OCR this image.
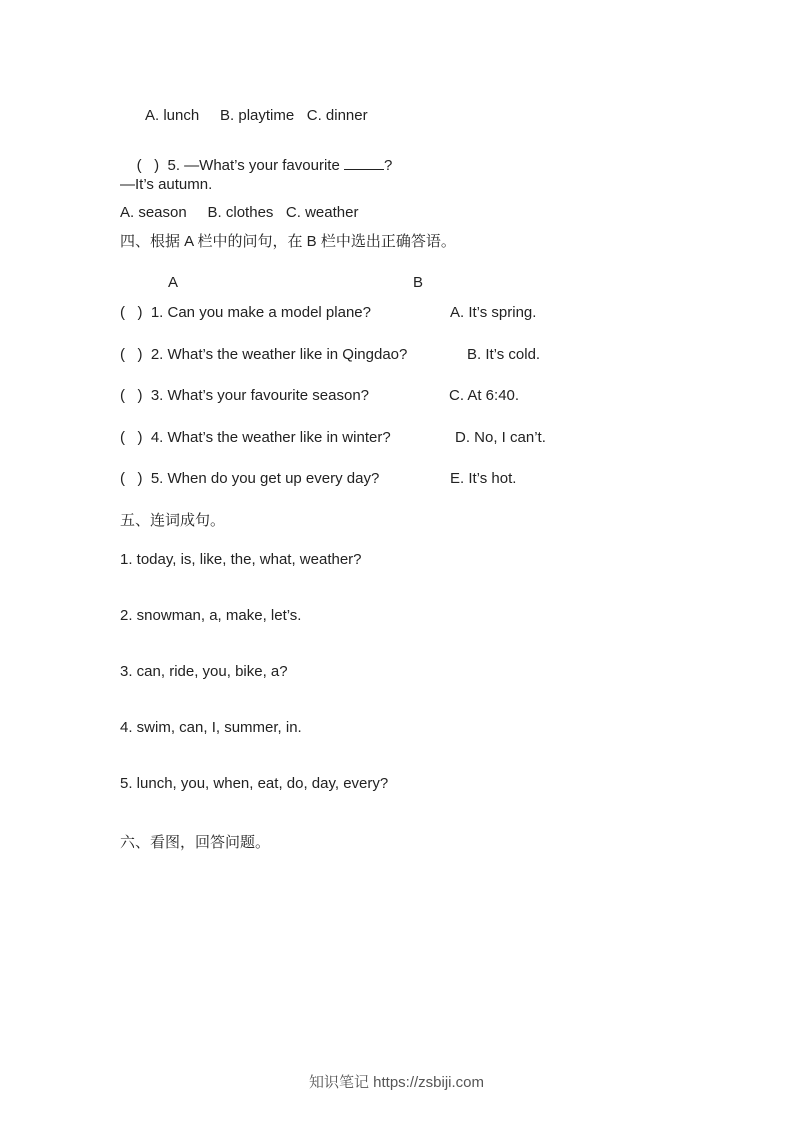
A. lunch     B. playtime   C. dinner

(   )  5. —What’s your favourite	?

—It’s autumn.
A. season     B. clothes   C. weather
四、根据 A 栏中的问句，在 B 栏中选出正确答语。
A	B
(   )  1. Can you make a model plane?	A. It’s spring.
(   )  2. What’s the weather like in Qingdao?	B. It’s cold.
(   )  3. What’s your favourite season?	C. At 6:40.
(   )  4. What’s the weather like in winter?	D. No, I can’t.
(   )  5. When do you get up every day?	E. It’s hot.
五、连词成句。
1. today, is, like, the, what, weather?
2. snowman, a, make, let’s.
3. can, ride, you, bike, a?
4. swim, can, I, summer, in.
5. lunch, you, when, eat, do, day, every?
六、看图，回答问题。
知识笔记 https://zsbiji.com
